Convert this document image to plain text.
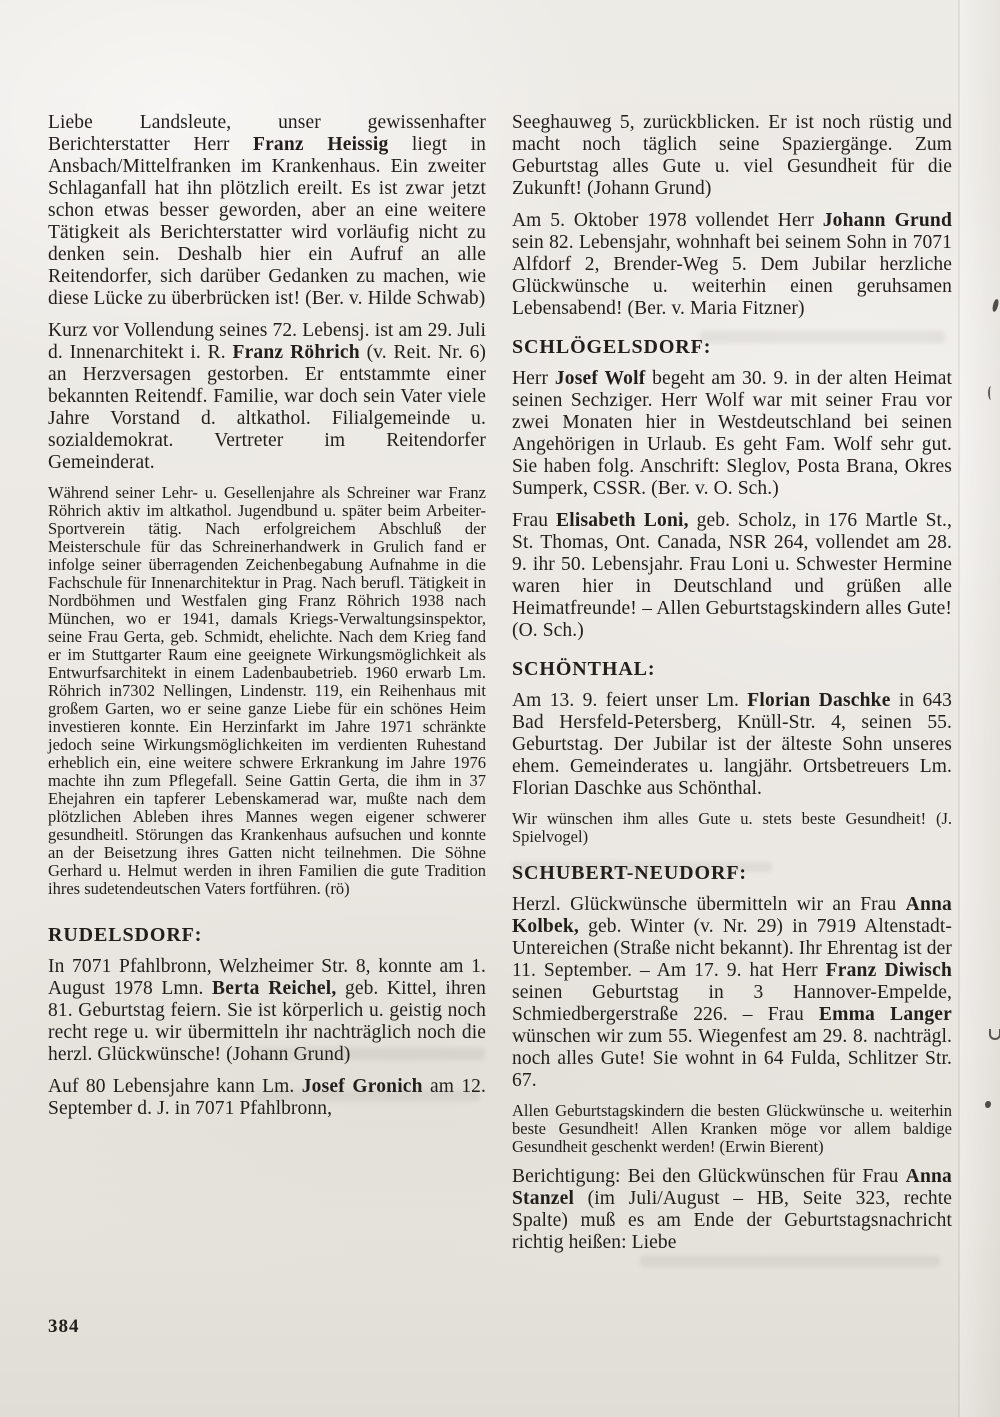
Liebe Landsleute, unser gewissenhafter Berichterstatter Herr Franz Heissig liegt in Ansbach/Mittelfranken im Krankenhaus. Ein zweiter Schlaganfall hat ihn plötzlich ereilt. Es ist zwar jetzt schon etwas besser geworden, aber an eine weitere Tätigkeit als Berichterstatter wird vorläufig nicht zu denken sein. Deshalb hier ein Aufruf an alle Reitendorfer, sich darüber Gedanken zu machen, wie diese Lücke zu überbrücken ist! (Ber. v. Hilde Schwab)

Kurz vor Vollendung seines 72. Lebensj. ist am 29. Juli d. Innenarchitekt i. R. Franz Röhrich (v. Reit. Nr. 6) an Herzversagen gestorben. Er entstammte einer bekannten Reitendf. Familie, war doch sein Vater viele Jahre Vorstand d. altkathol. Filialgemeinde u. sozialdemokrat. Vertreter im Reitendorfer Gemeinderat.

Während seiner Lehr- u. Gesellenjahre als Schreiner war Franz Röhrich aktiv im altkathol. Jugendbund u. später beim Arbeiter-Sportverein tätig. Nach erfolgreichem Abschluß der Meisterschule für das Schreinerhandwerk in Grulich fand er infolge seiner überragenden Zeichenbegabung Aufnahme in die Fachschule für Innenarchitektur in Prag. Nach berufl. Tätigkeit in Nordböhmen und Westfalen ging Franz Röhrich 1938 nach München, wo er 1941, damals Kriegs-Verwaltungsinspektor, seine Frau Gerta, geb. Schmidt, ehelichte. Nach dem Krieg fand er im Stuttgarter Raum eine geeignete Wirkungsmöglichkeit als Entwurfsarchitekt in einem Ladenbaubetrieb. 1960 erwarb Lm. Röhrich in7302 Nellingen, Lindenstr. 119, ein Reihenhaus mit großem Garten, wo er seine ganze Liebe für ein schönes Heim investieren konnte. Ein Herzinfarkt im Jahre 1971 schränkte jedoch seine Wirkungsmöglichkeiten im verdienten Ruhestand erheblich ein, eine weitere schwere Erkrankung im Jahre 1976 machte ihn zum Pflegefall. Seine Gattin Gerta, die ihm in 37 Ehejahren ein tapferer Lebenskamerad war, mußte nach dem plötzlichen Ableben ihres Mannes wegen eigener schwerer gesundheitl. Störungen das Krankenhaus aufsuchen und konnte an der Beisetzung ihres Gatten nicht teilnehmen. Die Söhne Gerhard u. Helmut werden in ihren Familien die gute Tradition ihres sudetendeutschen Vaters fortführen. (rö)

RUDELSDORF:

In 7071 Pfahlbronn, Welzheimer Str. 8, konnte am 1. August 1978 Lmn. Berta Reichel, geb. Kittel, ihren 81. Geburtstag feiern. Sie ist körperlich u. geistig noch recht rege u. wir übermitteln ihr nachträglich noch die herzl. Glückwünsche! (Johann Grund)

Auf 80 Lebensjahre kann Lm. Josef Gronich am 12. September d. J. in 7071 Pfahlbronn,

Seeghauweg 5, zurückblicken. Er ist noch rüstig und macht noch täglich seine Spaziergänge. Zum Geburtstag alles Gute u. viel Gesundheit für die Zukunft! (Johann Grund)

Am 5. Oktober 1978 vollendet Herr Johann Grund sein 82. Lebensjahr, wohnhaft bei seinem Sohn in 7071 Alfdorf 2, Brender-Weg 5. Dem Jubilar herzliche Glückwünsche u. weiterhin einen geruhsamen Lebensabend! (Ber. v. Maria Fitzner)

SCHLÖGELSDORF:

Herr Josef Wolf begeht am 30. 9. in der alten Heimat seinen Sechziger. Herr Wolf war mit seiner Frau vor zwei Monaten hier in Westdeutschland bei seinen Angehörigen in Urlaub. Es geht Fam. Wolf sehr gut. Sie haben folg. Anschrift: Sleglov, Posta Brana, Okres Sumperk, CSSR. (Ber. v. O. Sch.)

Frau Elisabeth Loni, geb. Scholz, in 176 Martle St., St. Thomas, Ont. Canada, NSR 264, vollendet am 28. 9. ihr 50. Lebensjahr. Frau Loni u. Schwester Hermine waren hier in Deutschland und grüßen alle Heimatfreunde! – Allen Geburtstagskindern alles Gute! (O. Sch.)

SCHÖNTHAL:

Am 13. 9. feiert unser Lm. Florian Daschke in 643 Bad Hersfeld-Petersberg, Knüll-Str. 4, seinen 55. Geburtstag. Der Jubilar ist der älteste Sohn unseres ehem. Gemeinderates u. langjähr. Ortsbetreuers Lm. Florian Daschke aus Schönthal.

Wir wünschen ihm alles Gute u. stets beste Gesundheit! (J. Spielvogel)

SCHUBERT-NEUDORF:

Herzl. Glückwünsche übermitteln wir an Frau Anna Kolbek, geb. Winter (v. Nr. 29) in 7919 Altenstadt-Untereichen (Straße nicht bekannt). Ihr Ehrentag ist der 11. September. – Am 17. 9. hat Herr Franz Diwisch seinen Geburtstag in 3 Hannover-Empelde, Schmiedbergerstraße 226. – Frau Emma Langer wünschen wir zum 55. Wiegenfest am 29. 8. nachträgl. noch alles Gute! Sie wohnt in 64 Fulda, Schlitzer Str. 67.

Allen Geburtstagskindern die besten Glückwünsche u. weiterhin beste Gesundheit! Allen Kranken möge vor allem baldige Gesundheit geschenkt werden! (Erwin Bierent)

Berichtigung: Bei den Glückwünschen für Frau Anna Stanzel (im Juli/August – HB, Seite 323, rechte Spalte) muß es am Ende der Geburtstagsnachricht richtig heißen: Liebe

384
